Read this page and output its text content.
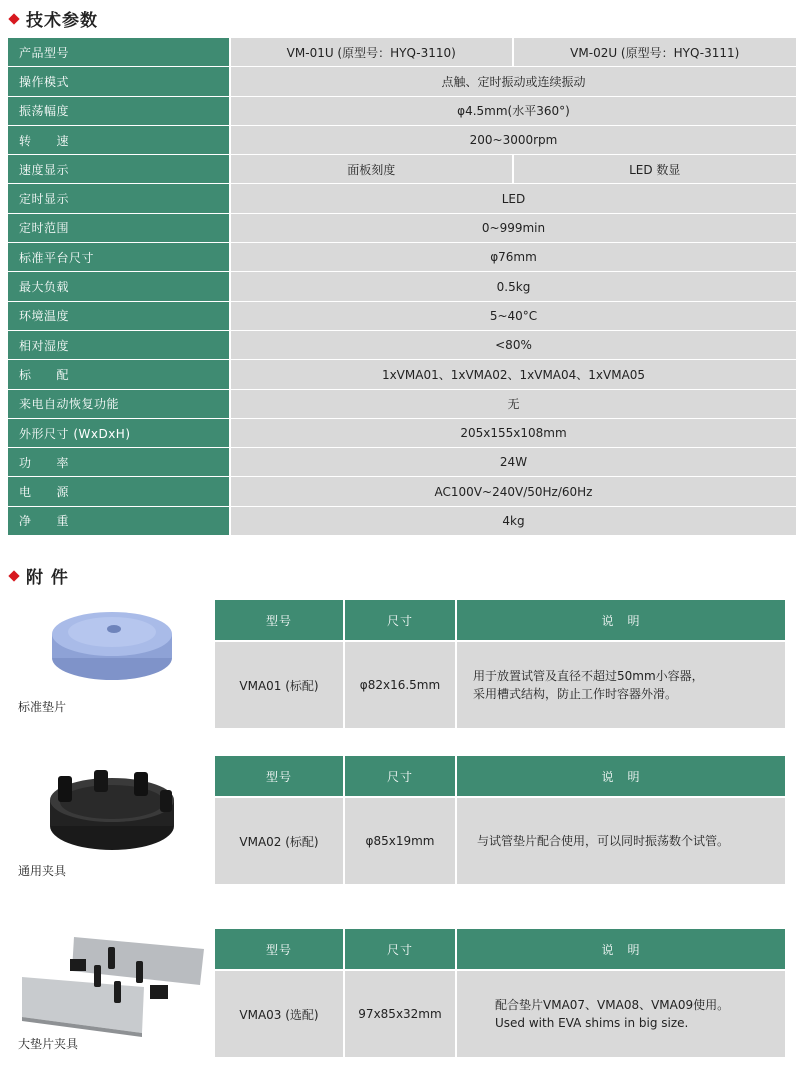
技术参数
产品型号	VM-01U (原型号：HYQ-3110)	VM-02U (原型号：HYQ-3111)
操作模式	点触、定时振动或连续振动	
振荡幅度	φ4.5mm(水平360°)	
转　　速	200~3000rpm	
速度显示	面板刻度	LED 数显
定时显示	LED	
定时范围	0~999min	
标准平台尺寸	φ76mm	
最大负载	0.5kg	
环境温度	5~40°C	
相对湿度	<80%	
标　　配	1xVMA01、1xVMA02、1xVMA04、1xVMA05	
来电自动恢复功能	无	
外形尺寸 (WxDxH)	205x155x108mm	
功　　率	24W	
电　　源	AC100V~240V/50Hz/60Hz	
净　　重	4kg	
附 件
标准垫片
型号	尺寸	说　明
VMA01 (标配)	φ82x16.5mm	用于放置试管及直径不超过50mm小容器，
采用槽式结构，防止工作时容器外滑。
通用夹具
型号	尺寸	说　明
VMA02 (标配)	φ85x19mm	与试管垫片配合使用，可以同时振荡数个试管。
大垫片夹具
型号	尺寸	说　明
VMA03 (选配)	97x85x32mm	配合垫片VMA07、VMA08、VMA09使用。
Used with EVA shims in big size.
